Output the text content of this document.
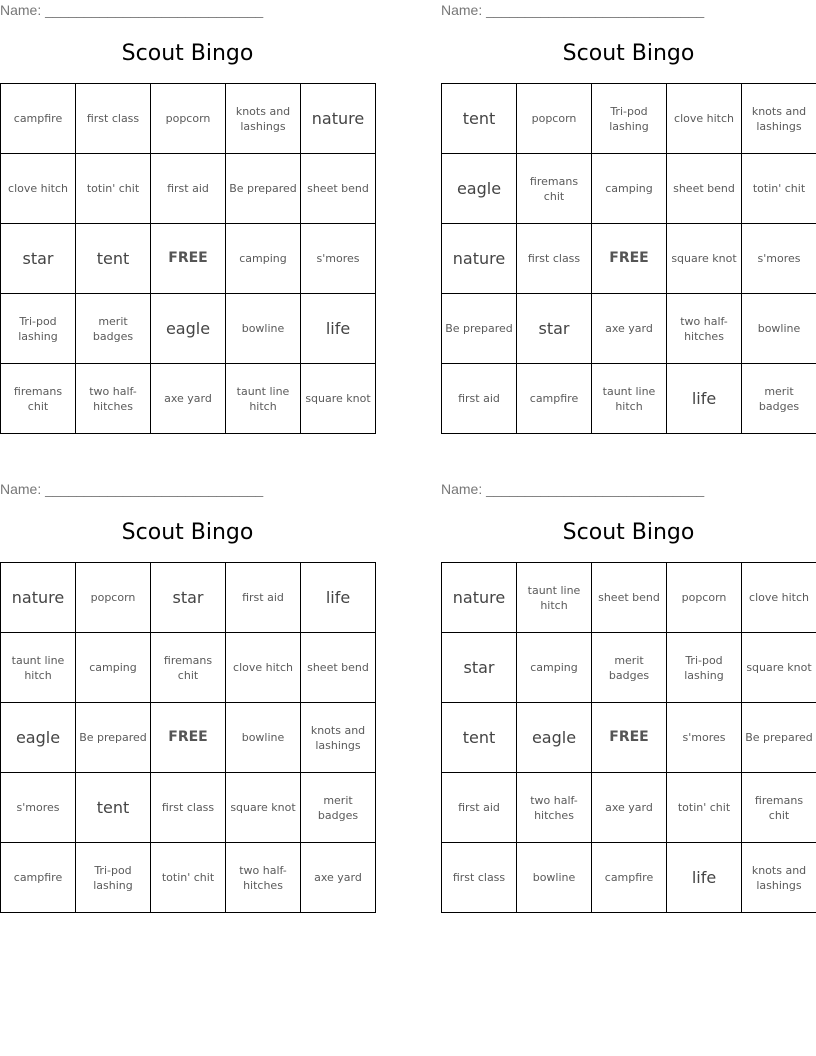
Name: ____________________________
Scout Bingo
campfire	first class	popcorn	knots and lashings	nature
clove hitch	totin' chit	first aid	Be prepared	sheet bend
star	tent	FREE	camping	s'mores
Tri-pod lashing	merit badges	eagle	bowline	life
firemans chit	two half-hitches	axe yard	taunt line hitch	square knot
Name: ____________________________
Scout Bingo
tent	popcorn	Tri-pod lashing	clove hitch	knots and lashings
eagle	firemans chit	camping	sheet bend	totin' chit
nature	first class	FREE	square knot	s'mores
Be prepared	star	axe yard	two half-hitches	bowline
first aid	campfire	taunt line hitch	life	merit badges
Name: ____________________________
Scout Bingo
nature	popcorn	star	first aid	life
taunt line hitch	camping	firemans chit	clove hitch	sheet bend
eagle	Be prepared	FREE	bowline	knots and lashings
s'mores	tent	first class	square knot	merit badges
campfire	Tri-pod lashing	totin' chit	two half-hitches	axe yard
Name: ____________________________
Scout Bingo
nature	taunt line hitch	sheet bend	popcorn	clove hitch
star	camping	merit badges	Tri-pod lashing	square knot
tent	eagle	FREE	s'mores	Be prepared
first aid	two half-hitches	axe yard	totin' chit	firemans chit
first class	bowline	campfire	life	knots and lashings
